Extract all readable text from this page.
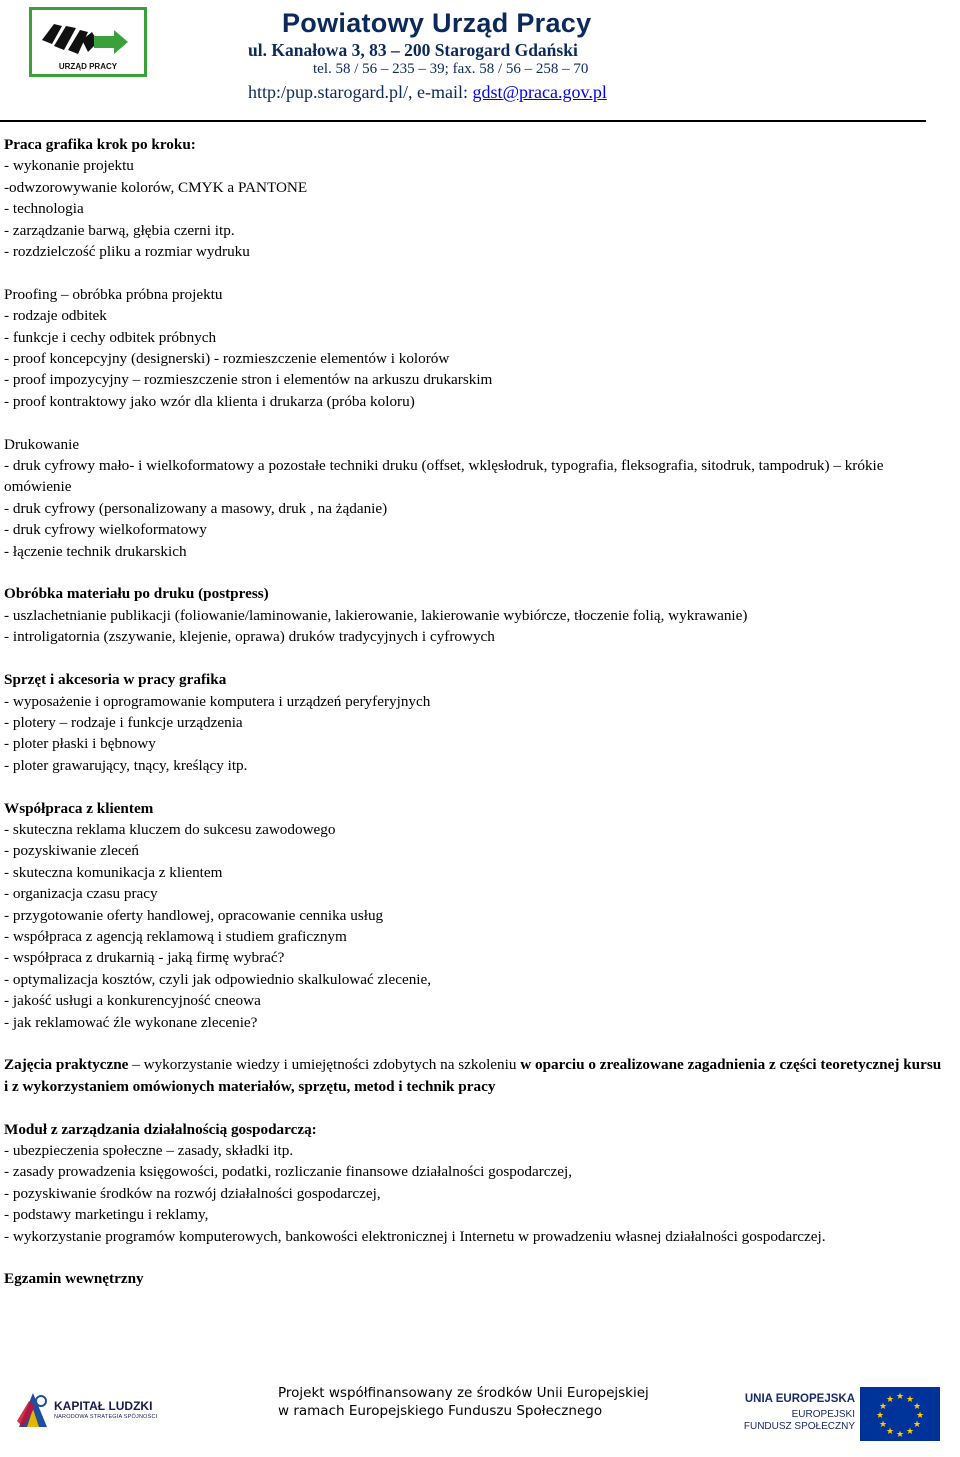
URZĄD PRACY
Powiatowy Urząd Pracy
ul. Kanałowa 3, 83 – 200 Starogard Gdański
tel. 58 / 56 – 235 – 39; fax. 58 / 56 – 258 – 70
http:/pup.starogard.pl/, e-mail: gdst@praca.gov.pl
Praca grafika krok po kroku:
- wykonanie projektu
-odwzorowywanie kolorów, CMYK a PANTONE
- technologia
- zarządzanie barwą, głębia czerni itp.
- rozdzielczość pliku a rozmiar wydruku
Proofing – obróbka próbna projektu
- rodzaje odbitek
- funkcje i cechy odbitek próbnych
- proof koncepcyjny (designerski) - rozmieszczenie elementów i kolorów
- proof impozycyjny – rozmieszczenie stron i elementów na arkuszu drukarskim
- proof kontraktowy jako wzór dla klienta i drukarza (próba koloru)
Drukowanie
- druk cyfrowy mało- i wielkoformatowy a pozostałe techniki druku (offset, wklęsłodruk, typografia, fleksografia, sitodruk, tampodruk) – krókie omówienie
- druk cyfrowy (personalizowany a masowy, druk , na żądanie)
- druk cyfrowy wielkoformatowy
- łączenie technik drukarskich
Obróbka materiału po druku (postpress)
- uszlachetnianie publikacji (foliowanie/laminowanie, lakierowanie, lakierowanie wybiórcze, tłoczenie folią, wykrawanie)
- introligatornia (zszywanie, klejenie, oprawa) druków tradycyjnych i cyfrowych
Sprzęt i akcesoria w pracy grafika
- wyposażenie i oprogramowanie komputera i urządzeń peryferyjnych
- plotery – rodzaje i funkcje urządzenia
- ploter płaski i bębnowy
- ploter grawarujący, tnący, kreślący itp.
Współpraca z klientem
- skuteczna reklama kluczem do sukcesu zawodowego
- pozyskiwanie zleceń
- skuteczna komunikacja z klientem
- organizacja czasu pracy
- przygotowanie oferty handlowej, opracowanie cennika usług
- współpraca z agencją reklamową i studiem graficznym
- współpraca z drukarnią - jaką firmę wybrać?
- optymalizacja kosztów, czyli jak odpowiednio skalkulować zlecenie,
- jakość usługi a konkurencyjność cneowa
- jak reklamować źle wykonane zlecenie?
Zajęcia praktyczne – wykorzystanie wiedzy i umiejętności zdobytych na szkoleniu w oparciu o zrealizowane zagadnienia z części teoretycznej kursu i z wykorzystaniem omówionych materiałów, sprzętu, metod i technik pracy
Moduł z zarządzania działalnością gospodarczą:
- ubezpieczenia społeczne – zasady, składki itp.
- zasady prowadzenia księgowości, podatki, rozliczanie finansowe działalności gospodarczej,
- pozyskiwanie środków na rozwój działalności gospodarczej,
- podstawy marketingu i reklamy,
- wykorzystanie programów komputerowych, bankowości elektronicznej i Internetu w prowadzeniu własnej działalności gospodarczej.
Egzamin wewnętrzny
KAPITAŁ LUDZKI
NARODOWA STRATEGIA SPÓJNOŚCI
Projekt współfinansowany ze środków Unii Europejskiej
w ramach Europejskiego Funduszu Społecznego
UNIA EUROPEJSKA
EUROPEJSKI
FUNDUSZ SPOŁECZNY
★ ★
★
★
★
★
★
★
★
★
★
★
